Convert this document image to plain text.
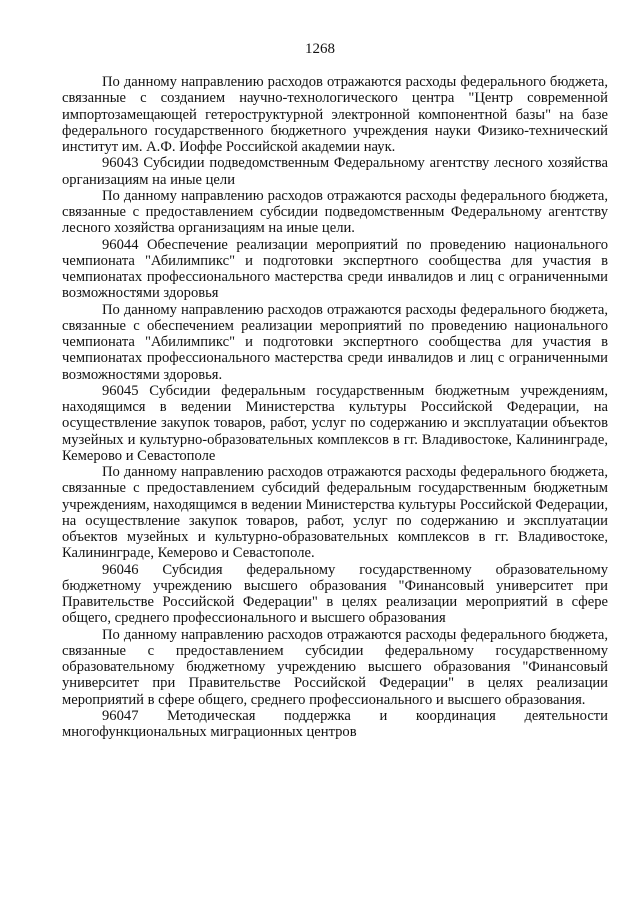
1268

По данному направлению расходов отражаются расходы федерального бюджета, связанные с созданием научно-технологического центра "Центр современной импортозамещающей гетероструктурной электронной компонентной базы" на базе федерального государственного бюджетного учреждения науки Физико-технический институт им. А.Ф. Иоффе Российской академии наук.

96043 Субсидии подведомственным Федеральному агентству лесного хозяйства организациям на иные цели

По данному направлению расходов отражаются расходы федерального бюджета, связанные с предоставлением субсидии подведомственным Федеральному агентству лесного хозяйства организациям на иные цели.

96044 Обеспечение реализации мероприятий по проведению национального чемпионата "Абилимпикс" и подготовки экспертного сообщества для участия в чемпионатах профессионального мастерства среди инвалидов и лиц с ограниченными возможностями здоровья

По данному направлению расходов отражаются расходы федерального бюджета, связанные с обеспечением реализации мероприятий по проведению национального чемпионата "Абилимпикс" и подготовки экспертного сообщества для участия в чемпионатах профессионального мастерства среди инвалидов и лиц с ограниченными возможностями здоровья.

96045 Субсидии федеральным государственным бюджетным учреждениям, находящимся в ведении Министерства культуры Российской Федерации, на осуществление закупок товаров, работ, услуг по содержанию и эксплуатации объектов музейных и культурно-образовательных комплексов в гг. Владивостоке, Калининграде, Кемерово и Севастополе

По данному направлению расходов отражаются расходы федерального бюджета, связанные с предоставлением субсидий федеральным государственным бюджетным учреждениям, находящимся в ведении Министерства культуры Российской Федерации, на осуществление закупок товаров, работ, услуг по содержанию и эксплуатации объектов музейных и культурно-образовательных комплексов в гг. Владивостоке, Калининграде, Кемерово и Севастополе.

96046 Субсидия федеральному государственному образовательному бюджетному учреждению высшего образования "Финансовый университет при Правительстве Российской Федерации" в целях реализации мероприятий в сфере общего, среднего профессионального и высшего образования

По данному направлению расходов отражаются расходы федерального бюджета, связанные с предоставлением субсидии федеральному государственному образовательному бюджетному учреждению высшего образования "Финансовый университет при Правительстве Российской Федерации" в целях реализации мероприятий в сфере общего, среднего профессионального и высшего образования.

96047 Методическая поддержка и координация деятельности многофункциональных миграционных центров
